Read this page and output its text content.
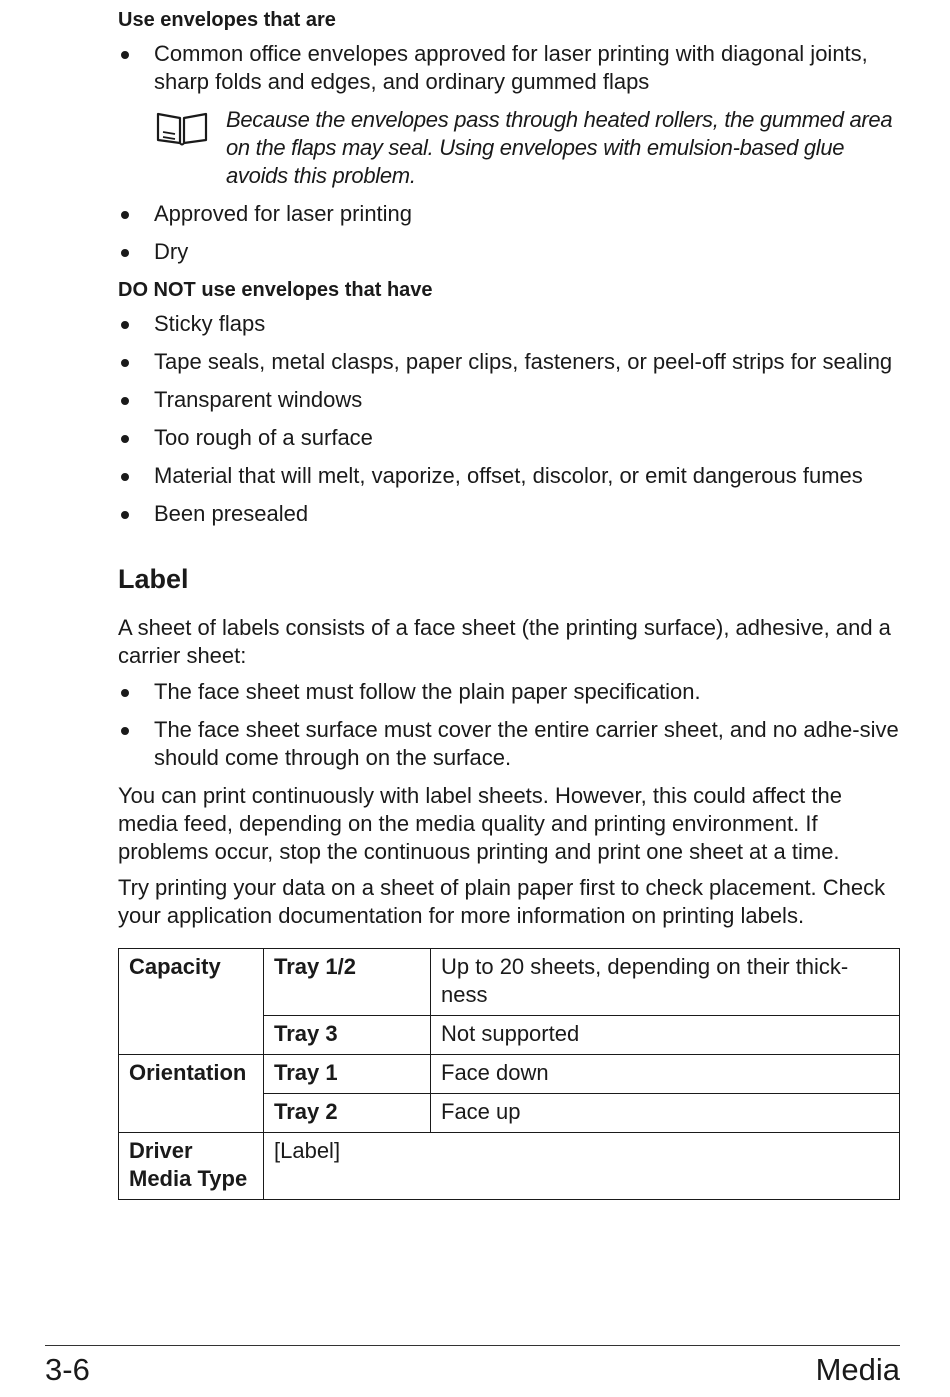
Use envelopes that are
Common office envelopes approved for laser printing with diagonal joints, sharp folds and edges, and ordinary gummed flaps
Because the envelopes pass through heated rollers, the gummed area on the flaps may seal. Using envelopes with emulsion-based glue avoids this problem.
Approved for laser printing
Dry
DO NOT use envelopes that have
Sticky flaps
Tape seals, metal clasps, paper clips, fasteners, or peel-off strips for sealing
Transparent windows
Too rough of a surface
Material that will melt, vaporize, offset, discolor, or emit dangerous fumes
Been presealed
Label

A sheet of labels consists of a face sheet (the printing surface), adhesive, and a carrier sheet:

The face sheet must follow the plain paper specification.
The face sheet surface must cover the entire carrier sheet, and no adhe-sive should come through on the surface.

You can print continuously with label sheets. However, this could affect the media feed, depending on the media quality and printing environment. If problems occur, stop the continuous printing and print one sheet at a time.

Try printing your data on a sheet of plain paper first to check placement. Check your application documentation for more information on printing labels.

Capacity	Tray 1/2	Up to 20 sheets, depending on their thick-ness
	Tray 3	Not supported
Orientation	Tray 1	Face down
	Tray 2	Face up
Driver Media Type	[Label]	
3-6	Media
